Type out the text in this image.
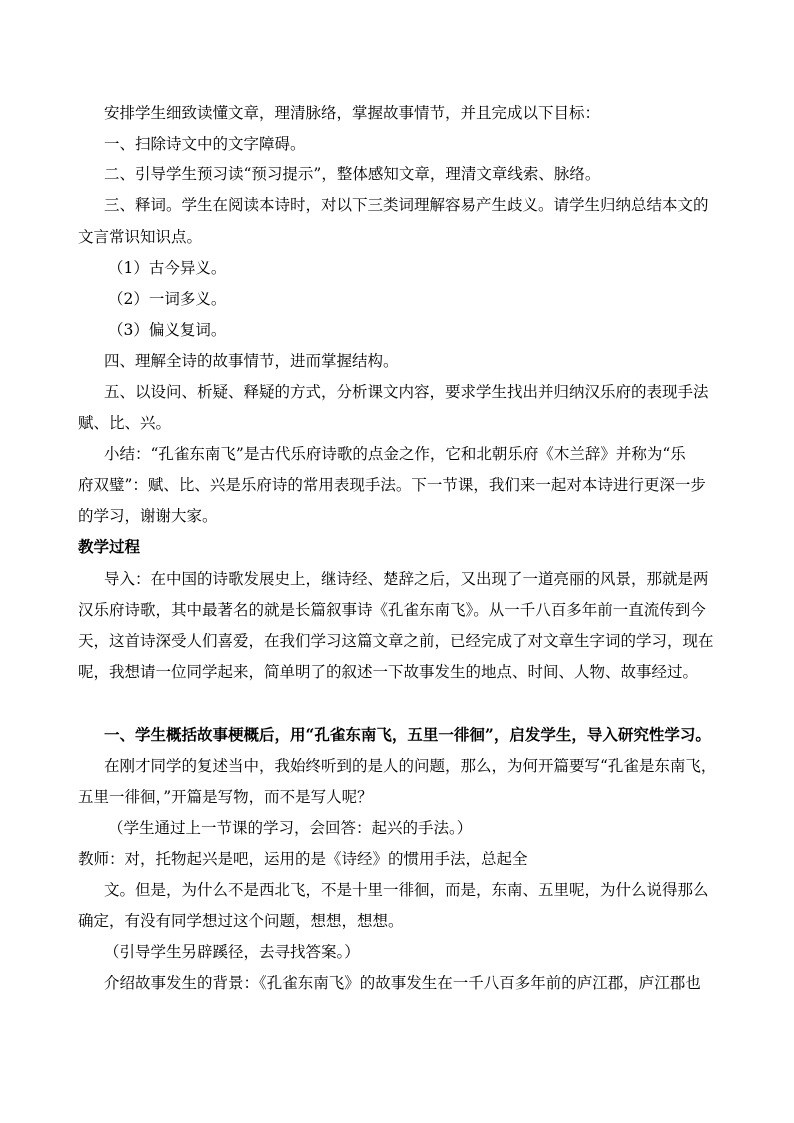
安排学生细致读懂文章，理清脉络，掌握故事情节，并且完成以下目标：
一、扫除诗文中的文字障碍。
二、引导学生预习读“预习提示”，整体感知文章，理清文章线索、脉络。
三、释词。学生在阅读本诗时，对以下三类词理解容易产生歧义。请学生归纳总结本文的
文言常识知识点。
（1）古今异义。
（2）一词多义。
（3）偏义复词。
四、理解全诗的故事情节，进而掌握结构。
五、以设问、析疑、释疑的方式，分析课文内容，要求学生找出并归纳汉乐府的表现手法
赋、比、兴。
小结：“孔雀东南飞”是古代乐府诗歌的点金之作，它和北朝乐府《木兰辞》并称为“乐
府双璧”：赋、比、兴是乐府诗的常用表现手法。下一节课，我们来一起对本诗进行更深一步
的学习，谢谢大家。
教学过程
导入：在中国的诗歌发展史上，继诗经、楚辞之后，又出现了一道亮丽的风景，那就是两
汉乐府诗歌，其中最著名的就是长篇叙事诗《孔雀东南飞》。从一千八百多年前一直流传到今
天，这首诗深受人们喜爱，在我们学习这篇文章之前，已经完成了对文章生字词的学习，现在
呢，我想请一位同学起来，简单明了的叙述一下故事发生的地点、时间、人物、故事经过。
一、学生概括故事梗概后，用“孔雀东南飞，五里一徘徊”，启发学生，导入研究性学习。
在刚才同学的复述当中，我始终听到的是人的问题，那么，为何开篇要写“孔雀是东南飞，
五里一徘徊，”开篇是写物，而不是写人呢？
（学生通过上一节课的学习，会回答：起兴的手法。）
教师：对，托物起兴是吧，运用的是《诗经》的惯用手法，总起全
文。但是，为什么不是西北飞，不是十里一徘徊，而是，东南、五里呢，为什么说得那么
确定，有没有同学想过这个问题，想想，想想。
（引导学生另辟蹊径，去寻找答案。）
介绍故事发生的背景：《孔雀东南飞》的故事发生在一千八百多年前的庐江郡，庐江郡也
